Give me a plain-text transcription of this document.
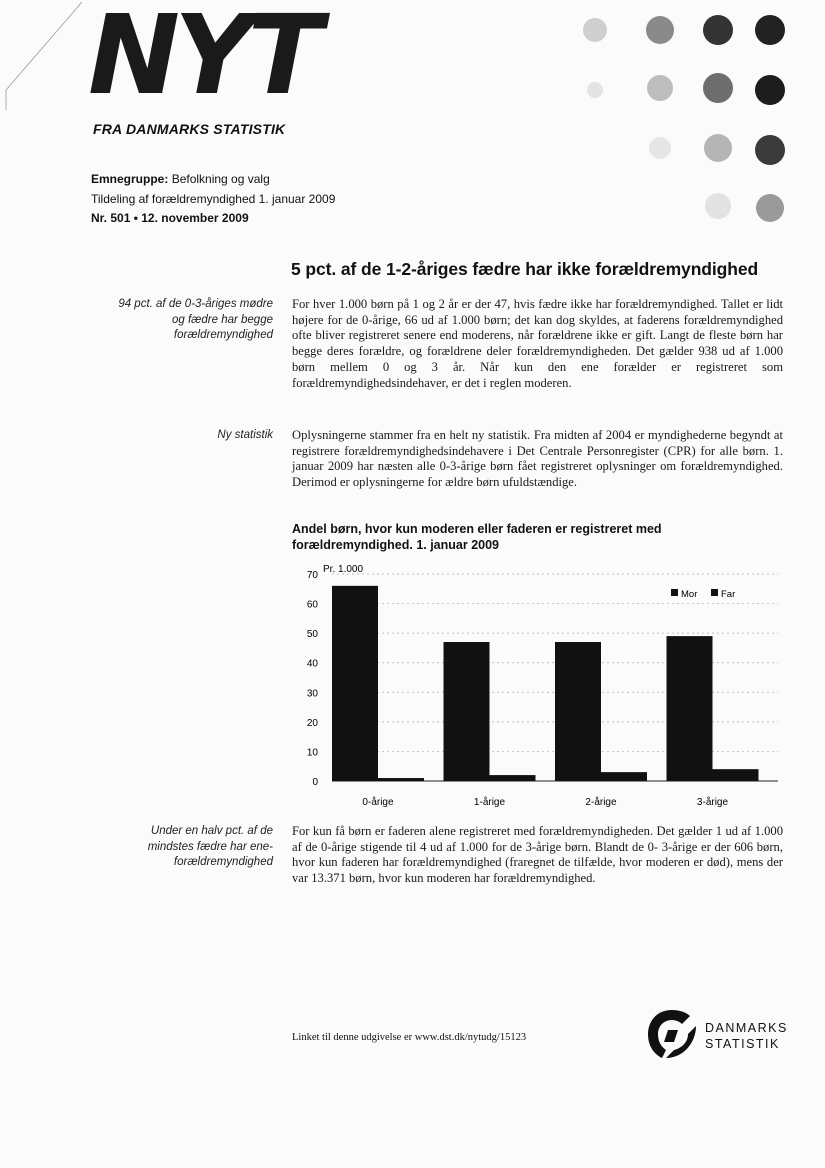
NYT
FRA DANMARKS STATISTIK
Emnegruppe: Befolkning og valg
Tildeling af forældremyndighed 1. januar 2009
Nr. 501 • 12. november 2009
5 pct. af de 1-2-åriges fædre har ikke forældremyndighed
94 pct. af de 0-3-åriges mødre og fædre har begge forældremyndighed
For hver 1.000 børn på 1 og 2 år er der 47, hvis fædre ikke har forældremyndighed. Tallet er lidt højere for de 0-årige, 66 ud af 1.000 børn; det kan dog skyldes, at faderens forældremyndighed ofte bliver registreret senere end moderens, når forældrene ikke er gift. Langt de fleste børn har begge deres forældre, og forældrene deler forældremyndigheden. Det gælder 938 ud af 1.000 børn mellem 0 og 3 år. Når kun den ene forælder er registreret som forældremyndighedsindehaver, er det i reglen moderen.
Ny statistik Oplysningerne stammer fra en helt ny statistik. Fra midten af 2004 er myndighederne begyndt at registrere forældremyndighedsindehavere i Det Centrale Personregister (CPR) for alle børn. 1. januar 2009 har næsten alle 0-3-årige børn fået registreret oplysninger om forældremyndighed. Derimod er oplysningerne for ældre børn ufuldstændige.
Andel børn, hvor kun moderen eller faderen er registreret med forældremyndighed. 1. januar 2009
Pr. 1.000
0
10
20
30
40
50
60
70
0-årige	1-årige	2-årige	3-årige
Mor Far
Under en halv pct. af de mindstes fædre har ene-forældremyndighed
For kun få børn er faderen alene registreret med forældremyndigheden. Det gælder 1 ud af 1.000 af de 0-årige stigende til 4 ud af 1.000 for de 3-årige børn. Blandt de 0- 3-årige er der 606 børn, hvor kun faderen har forældremyndighed (fraregnet de tilfælde, hvor moderen er død), mens der var 13.371 børn, hvor kun moderen har forældremyndighed.
Linket til denne udgivelse er www.dst.dk/nytudg/15123
DANMARKS
STATISTIK
